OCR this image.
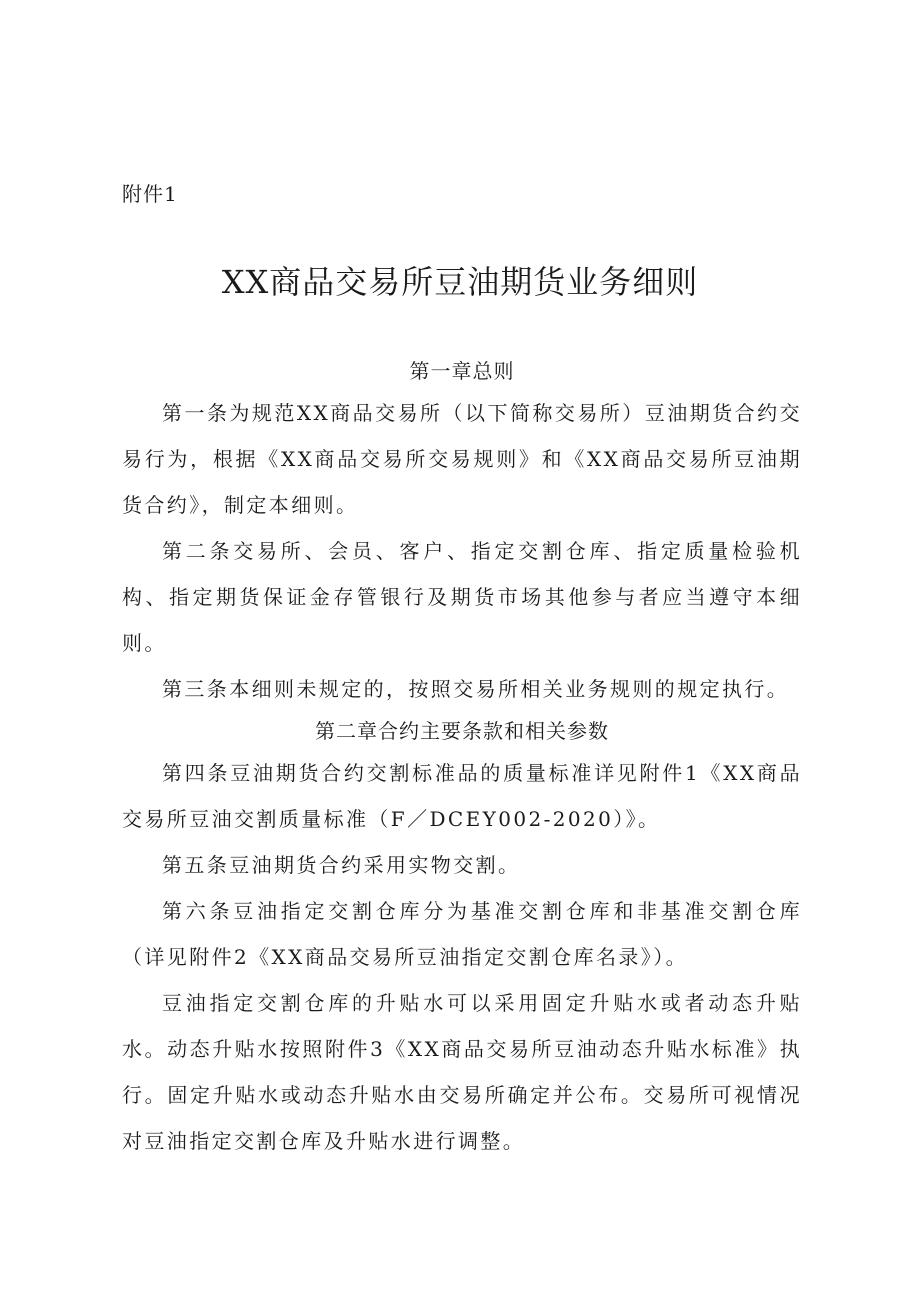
附件1
XX商品交易所豆油期货业务细则
第一章总则

第一条为规范XX商品交易所（以下简称交易所）豆油期货合约交易行为，根据《XX商品交易所交易规则》和《XX商品交易所豆油期货合约》，制定本细则。

第二条交易所、会员、客户、指定交割仓库、指定质量检验机构、指定期货保证金存管银行及期货市场其他参与者应当遵守本细则。

第三条本细则未规定的，按照交易所相关业务规则的规定执行。

第二章合约主要条款和相关参数

第四条豆油期货合约交割标准品的质量标准详见附件1《XX商品交易所豆油交割质量标准（F／DCEY002-2020）》。

第五条豆油期货合约采用实物交割。

第六条豆油指定交割仓库分为基准交割仓库和非基准交割仓库（详见附件2《XX商品交易所豆油指定交割仓库名录》）。

豆油指定交割仓库的升贴水可以采用固定升贴水或者动态升贴水。动态升贴水按照附件3《XX商品交易所豆油动态升贴水标准》执行。固定升贴水或动态升贴水由交易所确定并公布。交易所可视情况对豆油指定交割仓库及升贴水进行调整。
